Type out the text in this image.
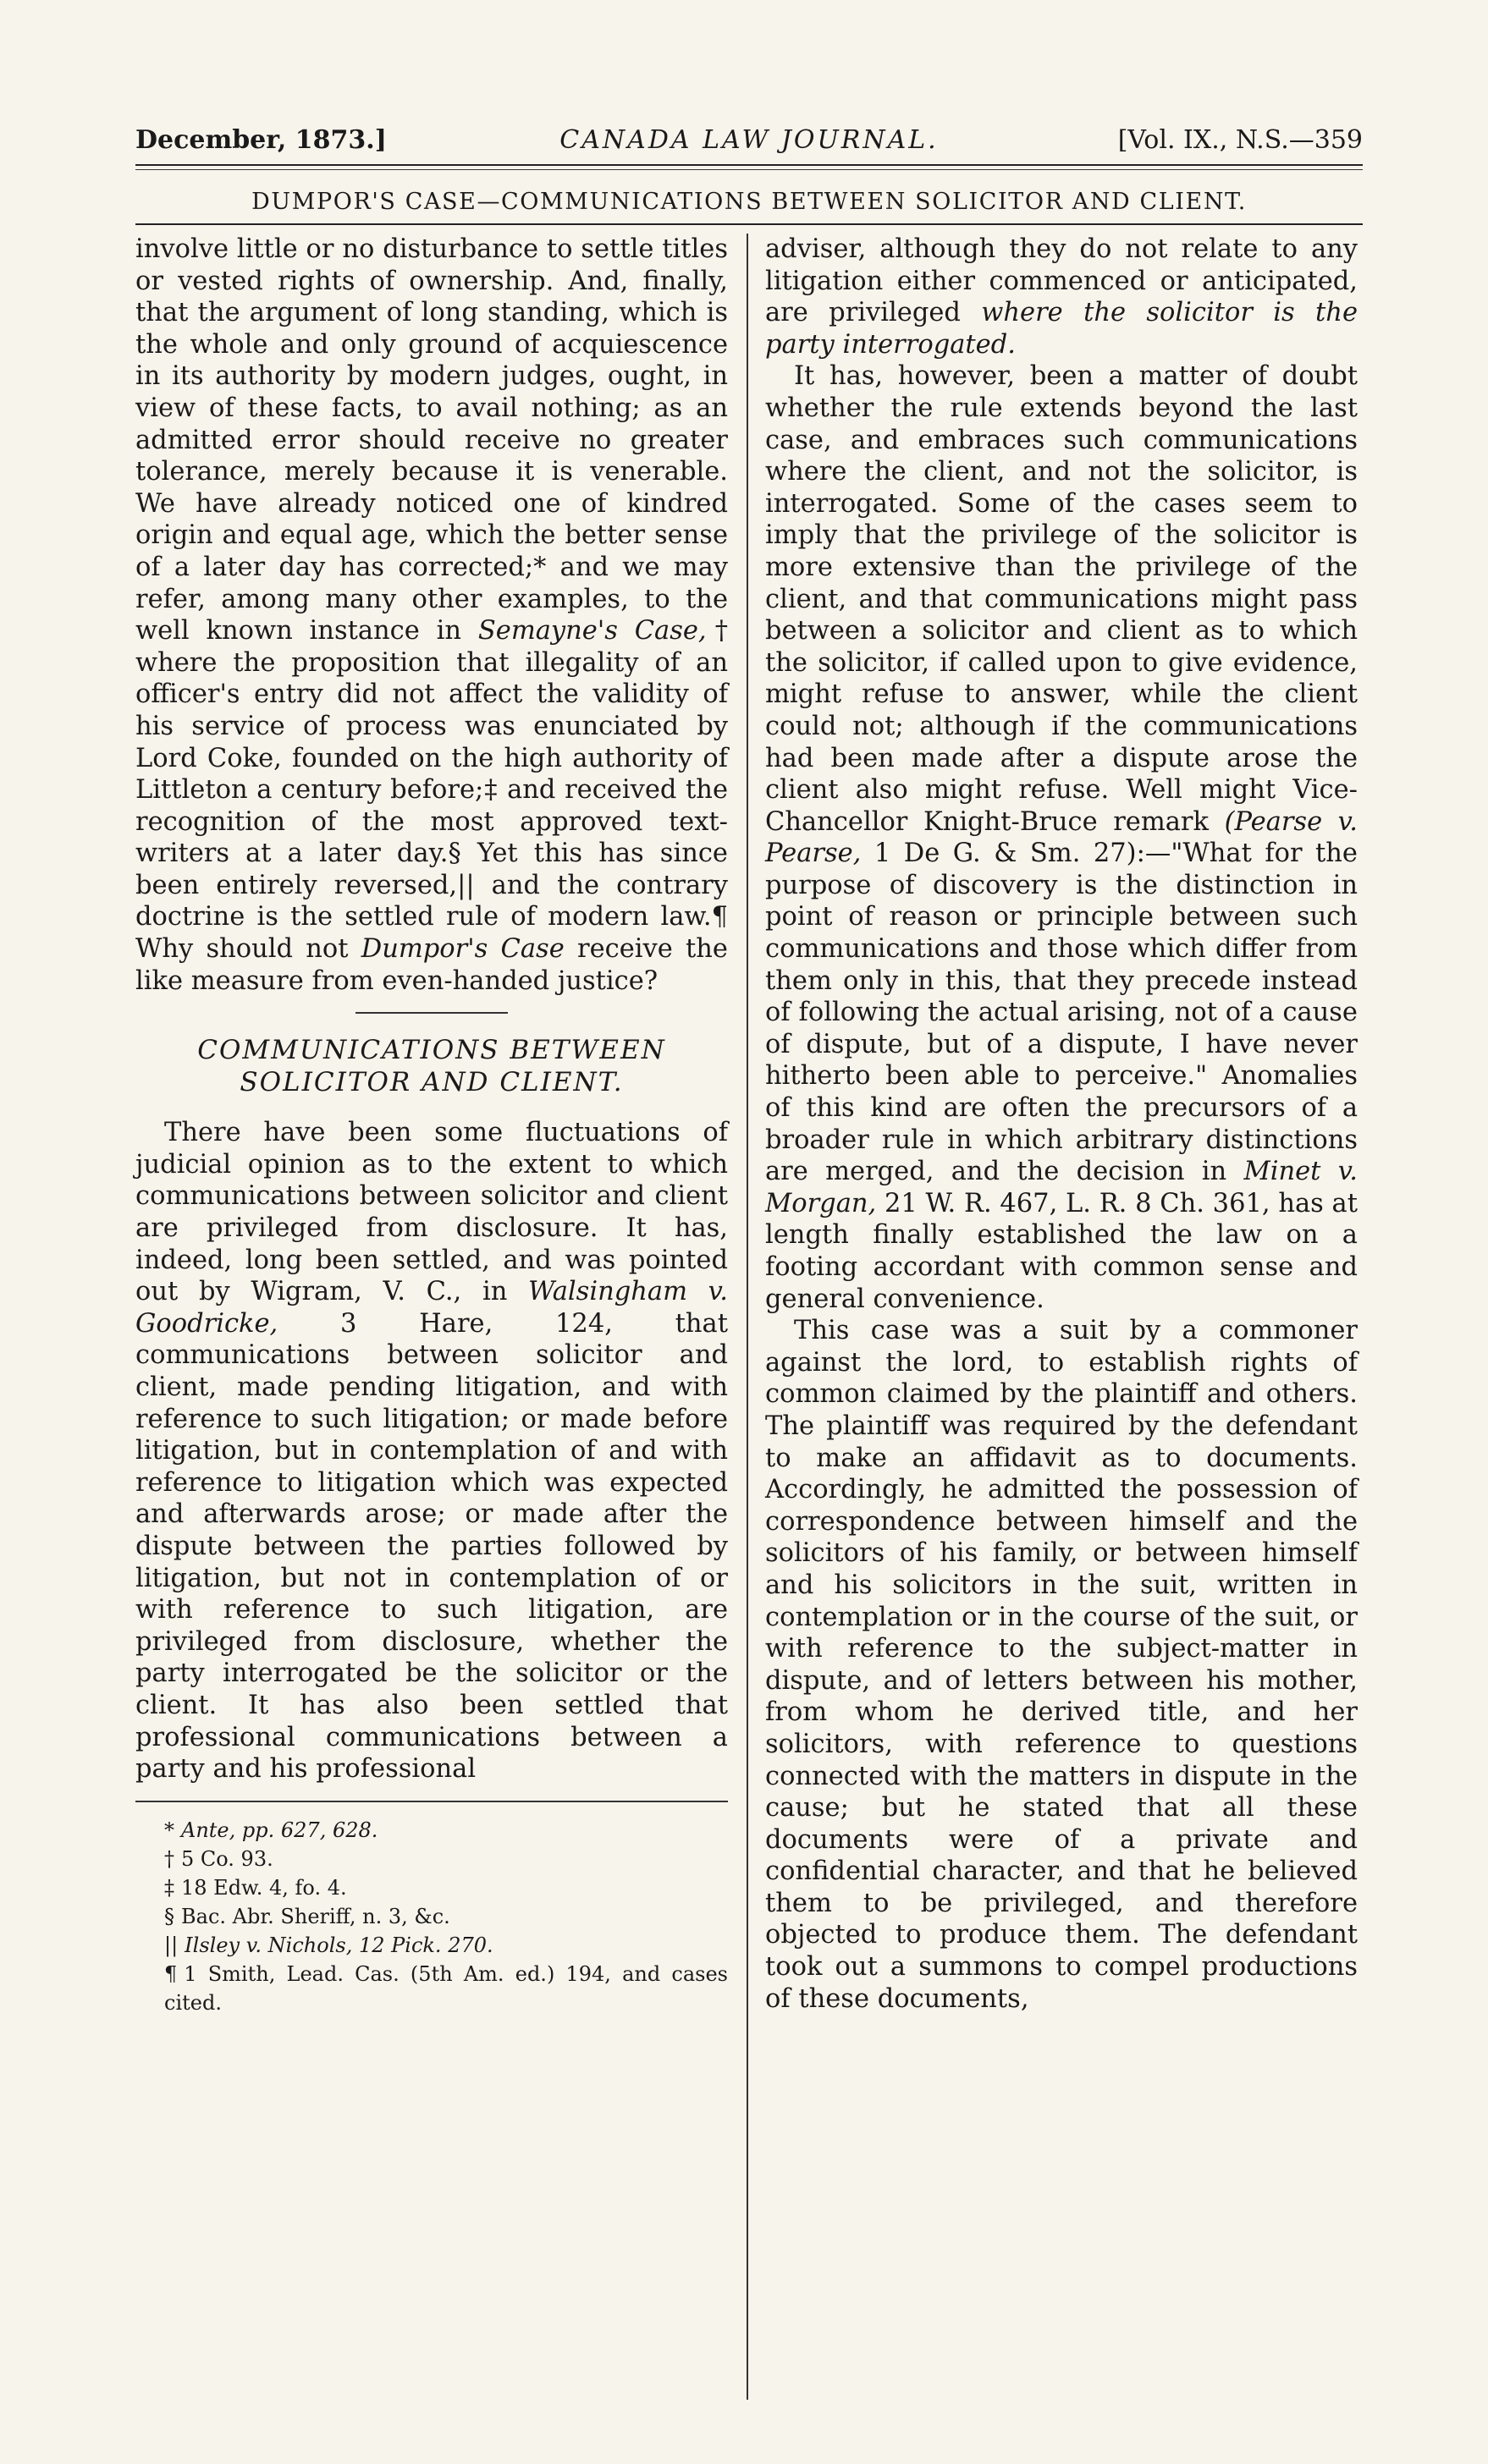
December, 1873.]	CANADA LAW JOURNAL.	[Vol. IX., N.S.—359
DUMPOR'S CASE—COMMUNICATIONS BETWEEN SOLICITOR AND CLIENT.

involve little or no disturbance to settle titles or vested rights of ownership. And, finally, that the argument of long standing, which is the whole and only ground of acquiescence in its authority by modern judges, ought, in view of these facts, to avail nothing; as an admitted error should receive no greater tolerance, merely because it is venerable. We have already noticed one of kindred origin and equal age, which the better sense of a later day has corrected;* and we may refer, among many other examples, to the well known instance in Semayne's Case,† where the proposition that illegality of an officer's entry did not affect the validity of his service of process was enunciated by Lord Coke, founded on the high authority of Littleton a century before;‡ and received the recognition of the most approved text-writers at a later day.§ Yet this has since been entirely reversed,|| and the contrary doctrine is the settled rule of modern law.¶ Why should not Dumpor's Case receive the like measure from even-handed justice?

COMMUNICATIONS BETWEEN
SOLICITOR AND CLIENT.

There have been some fluctuations of judicial opinion as to the extent to which communications between solicitor and client are privileged from disclosure. It has, indeed, long been settled, and was pointed out by Wigram, V. C., in Walsingham v. Goodricke, 3 Hare, 124, that communications between solicitor and client, made pending litigation, and with reference to such litigation; or made before litigation, but in contemplation of and with reference to litigation which was expected and afterwards arose; or made after the dispute between the parties followed by litigation, but not in contemplation of or with reference to such litigation, are privileged from disclosure, whether the party interrogated be the solicitor or the client. It has also been settled that professional communications between a party and his professional

* Ante, pp. 627, 628.
† 5 Co. 93.
‡ 18 Edw. 4, fo. 4.
§ Bac. Abr. Sheriff, n. 3, &c.
|| Ilsley v. Nichols, 12 Pick. 270.
¶ 1 Smith, Lead. Cas. (5th Am. ed.) 194, and cases cited.

adviser, although they do not relate to any litigation either commenced or anticipated, are privileged where the solicitor is the party interrogated.

It has, however, been a matter of doubt whether the rule extends beyond the last case, and embraces such communications where the client, and not the solicitor, is interrogated. Some of the cases seem to imply that the privilege of the solicitor is more extensive than the privilege of the client, and that communications might pass between a solicitor and client as to which the solicitor, if called upon to give evidence, might refuse to answer, while the client could not; although if the communications had been made after a dispute arose the client also might refuse. Well might Vice-Chancellor Knight-Bruce remark (Pearse v. Pearse, 1 De G. & Sm. 27):—"What for the purpose of discovery is the distinction in point of reason or principle between such communications and those which differ from them only in this, that they precede instead of following the actual arising, not of a cause of dispute, but of a dispute, I have never hitherto been able to perceive." Anomalies of this kind are often the precursors of a broader rule in which arbitrary distinctions are merged, and the decision in Minet v. Morgan, 21 W. R. 467, L. R. 8 Ch. 361, has at length finally established the law on a footing accordant with common sense and general convenience.

This case was a suit by a commoner against the lord, to establish rights of common claimed by the plaintiff and others. The plaintiff was required by the defendant to make an affidavit as to documents. Accordingly, he admitted the possession of correspondence between himself and the solicitors of his family, or between himself and his solicitors in the suit, written in contemplation or in the course of the suit, or with reference to the subject-matter in dispute, and of letters between his mother, from whom he derived title, and her solicitors, with reference to questions connected with the matters in dispute in the cause; but he stated that all these documents were of a private and confidential character, and that he believed them to be privileged, and therefore objected to produce them. The defendant took out a summons to compel productions of these documents,
